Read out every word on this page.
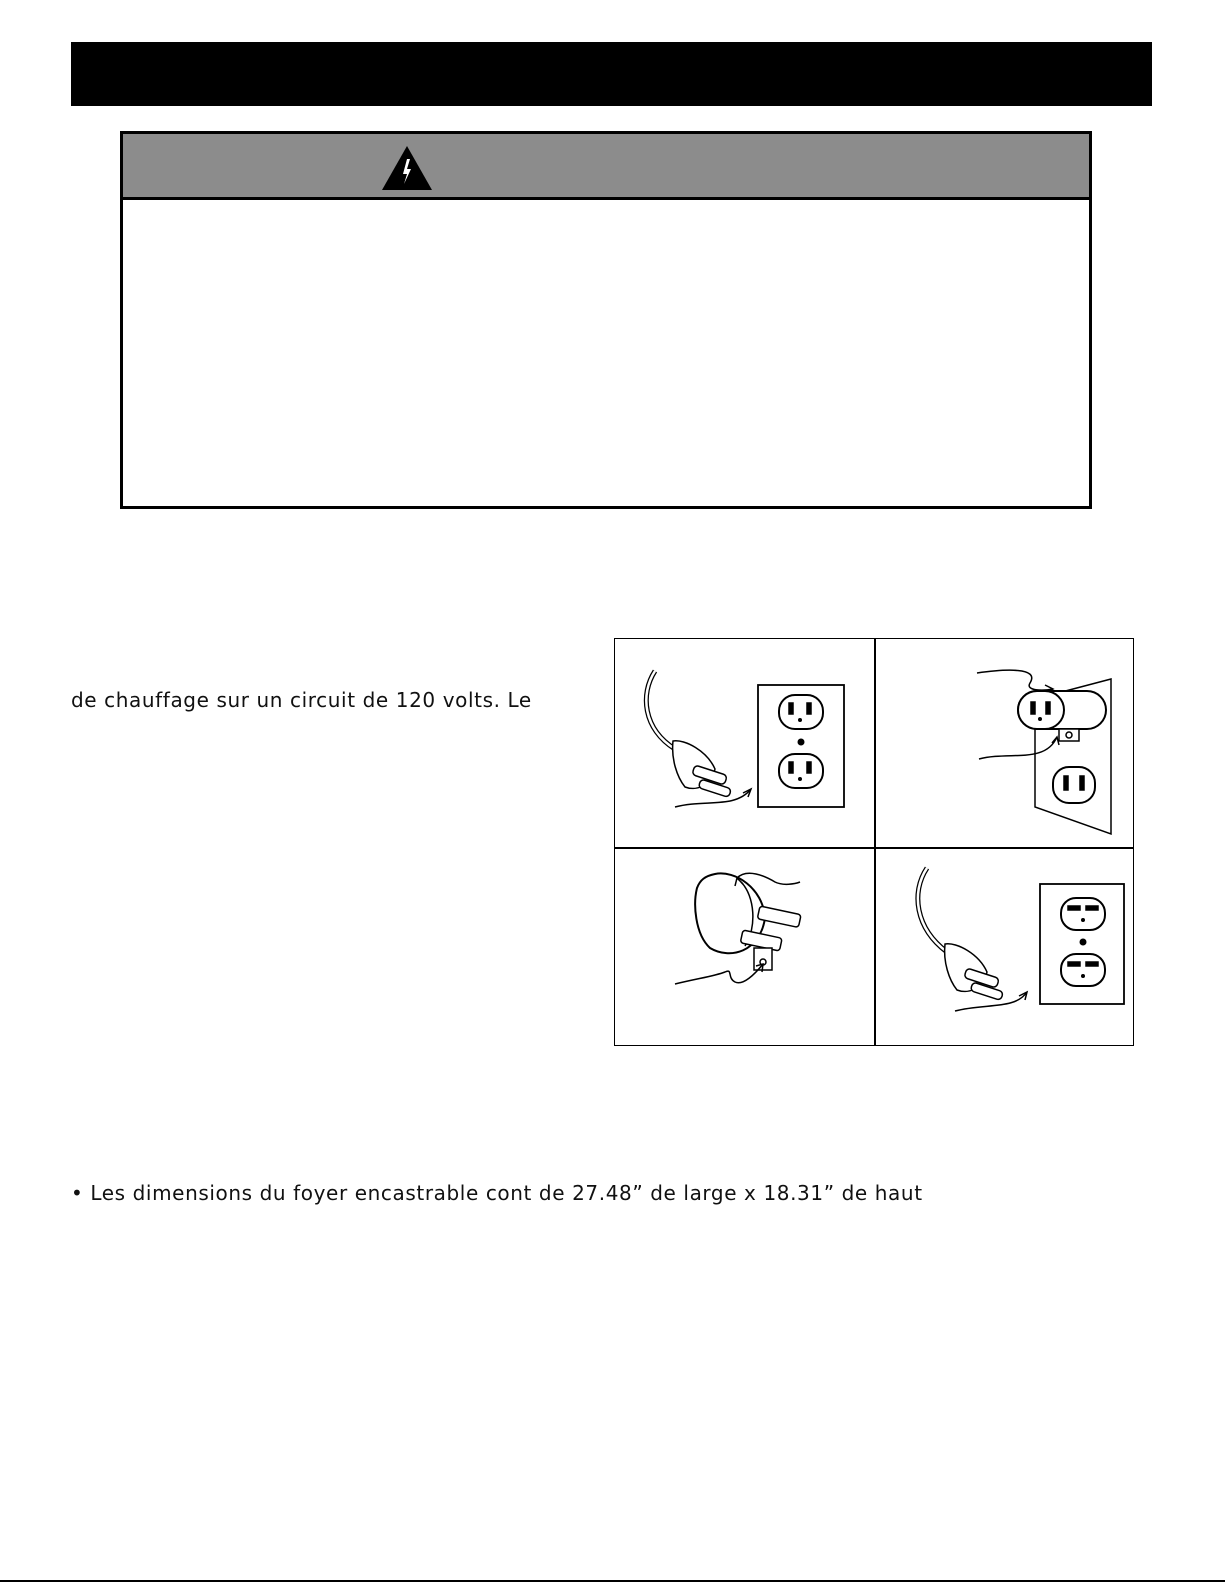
de chauffage sur un circuit de 120 volts. Le
• Les dimensions du foyer encastrable cont de 27.48” de large x 18.31” de haut
